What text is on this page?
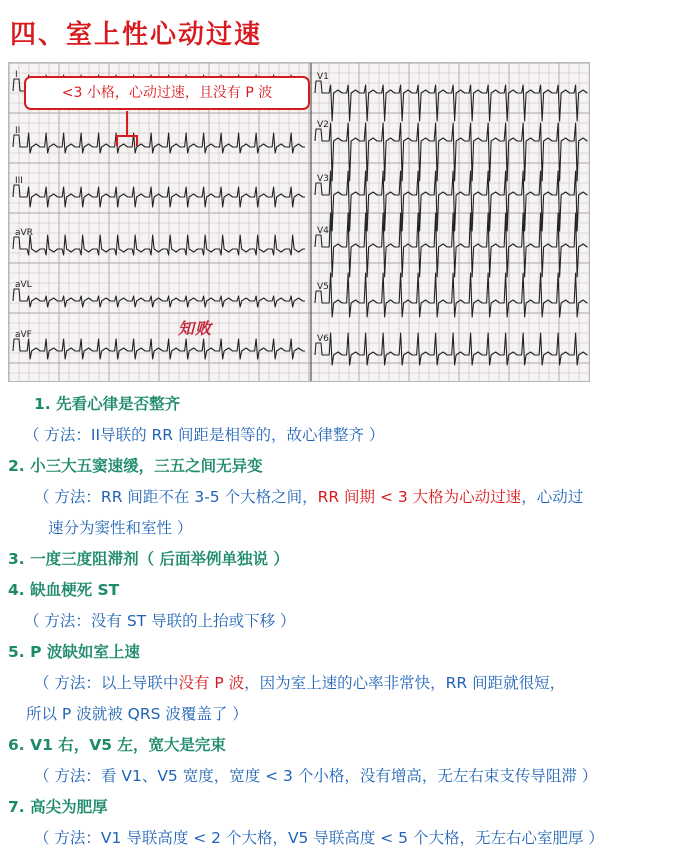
四、室上性心动过速
I
II
III
aVR
aVL
aVF
V1
V2
V3
V4
V5
V6
<3 小格，心动过速，且没有 P 波
知败
1. 先看心律是否整齐
（ 方法：II导联的 RR 间距是相等的，故心律整齐 ）
2. 小三大五窦速缓，三五之间无异变
（ 方法：RR 间距不在 3-5 个大格之间，RR 间期 < 3 大格为心动过速，心动过
速分为窦性和室性 ）
3. 一度三度阻滞剂（ 后面举例单独说 ）
4. 缺血梗死 ST
（ 方法：没有 ST 导联的上抬或下移 ）
5. P 波缺如室上速
（ 方法：以上导联中没有 P 波，因为室上速的心率非常快，RR 间距就很短，
所以 P 波就被 QRS 波覆盖了 ）
6. V1 右，V5 左，宽大是完束
（ 方法：看 V1、V5 宽度，宽度 < 3 个小格，没有增高，无左右束支传导阻滞 ）
7. 高尖为肥厚
（ 方法：V1 导联高度 < 2 个大格，V5 导联高度 < 5 个大格，无左右心室肥厚 ）
